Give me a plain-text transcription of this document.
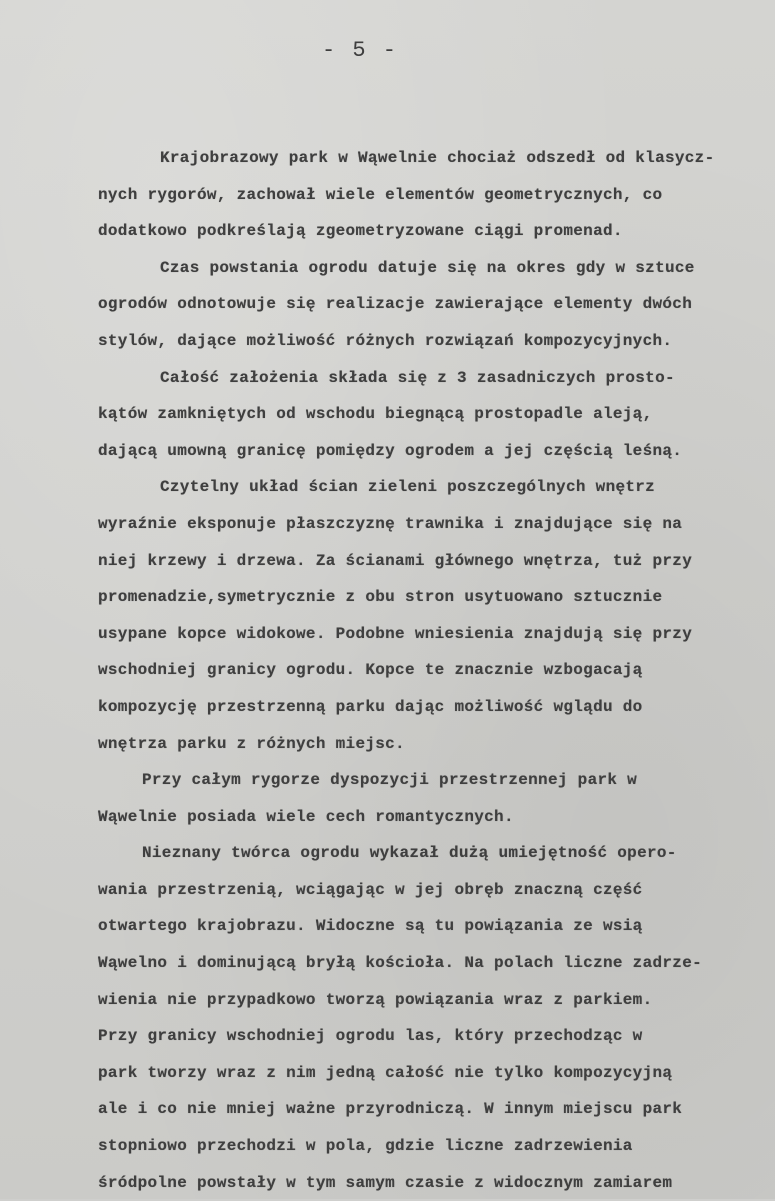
- 5 -
Krajobrazowy park w Wąwelnie chociaż odszedł od klasycz-
nych rygorów, zachował wiele elementów geometrycznych, co
dodatkowo podkreślają zgeometryzowane ciągi promenad.
Czas powstania ogrodu datuje się na okres gdy w sztuce
ogrodów odnotowuje się realizacje zawierające elementy dwóch
stylów, dające możliwość różnych rozwiązań kompozycyjnych.
Całość założenia składa się z 3 zasadniczych prosto-
kątów zamkniętych od wschodu biegnącą prostopadle aleją,
dającą umowną granicę pomiędzy ogrodem a jej częścią leśną.
Czytelny układ ścian zieleni poszczególnych wnętrz
wyraźnie eksponuje płaszczyznę trawnika i znajdujące się na
niej krzewy i drzewa. Za ścianami głównego wnętrza, tuż przy
promenadzie,symetrycznie z obu stron usytuowano sztucznie
usypane kopce widokowe. Podobne wniesienia znajdują się przy
wschodniej granicy ogrodu. Kopce te znacznie wzbogacają
kompozycję przestrzenną parku dając możliwość wglądu do
wnętrza parku z różnych miejsc.
Przy całym rygorze dyspozycji przestrzennej park w
Wąwelnie posiada wiele cech romantycznych.
Nieznany twórca ogrodu wykazał dużą umiejętność opero-
wania przestrzenią, wciągając w jej obręb znaczną część
otwartego krajobrazu. Widoczne są tu powiązania ze wsią
Wąwelno i dominującą bryłą kościoła. Na polach liczne zadrze-
wienia nie przypadkowo tworzą powiązania wraz z parkiem.
Przy granicy wschodniej ogrodu las, który przechodząc w
park tworzy wraz z nim jedną całość nie tylko kompozycyjną
ale i co nie mniej ważne przyrodniczą. W innym miejscu park
stopniowo przechodzi w pola, gdzie liczne zadrzewienia
śródpolne powstały w tym samym czasie z widocznym zamiarem
